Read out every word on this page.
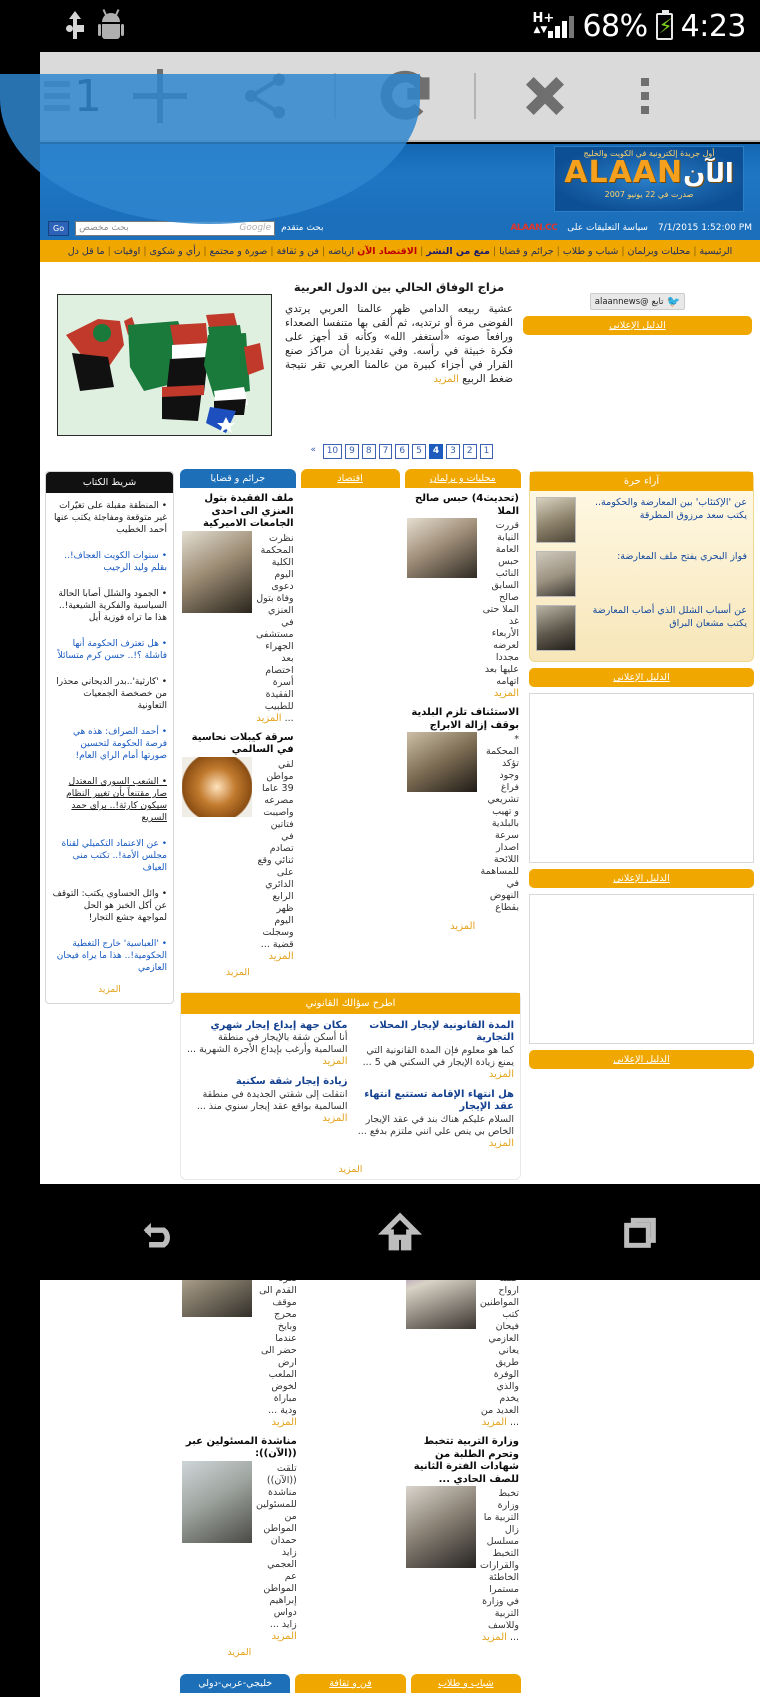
H+
▲▼ 68% ⚡ 4:23
أول جريدة إلكترونية في الكويت والخليج
ALAANالآن
صدرت في 22 يونيو 2007
7/1/2015 1:52:00 PM
سياسة التعليقات على
ALAAN.CC
Go	Google
بحث مخصص	بحث متقدم
الرئيسية
|
محليات وبرلمان
|
شباب و طلاب
|
جرائم و قضايا
|
منع من النشر
|
الاقتصاد الآن
ارياضه
|
فن و ثقافة
|
صورة و مجتمع
|
رأي و شكوى
|
اوفيات
|
ما قل دل
🐦
تابع
@alaannews
الدليل الإعلاني
مزاج الوفاق الحالي بين الدول العربية
عشية ربيعه الدامي ظهر عالمنا العربي يرتدي الفوضى مرة أو ترتديه، ثم ألقى بها متنفسا الصعداء ورافعاً صوته «أستغفر الله» وكأنه قد أجهز على فكرة خبيثة في رأسه. وفي تقديرنا أن مراكز صنع القرار في أجزاء كبيرة من عالمنا العربي تقر نتيجة ضغط الربيع المزيد
«	10	9	8	7	6	5	4	3	2	1
آراء حرة
عن 'الإكتئاب' بين المعارضة والحكومة.. يكتب سعد مرزوق المطرقة
فواز البحري يفتح ملف المعارضة:
عن أسباب الشلل الذي أصاب المعارضة يكتب مشعان البراق
الدليل الإعلاني
الدليل الإعلاني
الدليل الإعلاني
محليات و برلمان
(تحديث4) حبس صالح الملا
قررت النيابة العامة حبس النائب السابق صالح الملا حتى غد الأربعاء لعرضه مجددا عليها بعد اتهامه المزيد
الاستئناف تلزم البلدية بوقف إزالة الابراج
* المحكمة تؤكد وجود فراغ تشريعي و تهيب بالبلدية سرعة اصدار اللائحة للمساهمة في النهوض بقطاع
المزيد
اقتصاد
جرائم و قضايا
ملف الفقيدة بتول العنزي الى احدى الجامعات الاميركية
نظرت المحكمة الكلية اليوم دعوى وفاة بتول العنزي في مستشفى الجهراء بعد اختصام أسرة الفقيدة للطبيب ... المزيد
سرقة كيبلات نحاسية في السالمي
لقي مواطن 39 عاما مصرعه واصيبت فتاتين في تصادم ثنائي وقع على الدائري الرابع ظهر اليوم وسجلت قضية ... المزيد
المزيد
اطرح سؤالك القانوني
المدة القانونية لإيجار المحلات التجارية
كما هو معلوم فإن المدة القانونية التي يمنع زيادة الإيجار في السكني هي 5 ... المزيد
هل انتهاء الإقامة تستتبع انتهاء عقد الإيجار
السلام عليكم هناك بند في عقد الإيجار الخاص بي ينص علي انني ملتزم بدفع ... المزيد
مكان جهة إيداع إيجار شهري
أنا أسكن شقة بالإيجار في منطقة السالمية وأرغب بإيداع الأجرة الشهرية ... المزيد
زيادة إيجار شقة سكنية
انتقلت إلى شقتي الجديدة في منطقة السالمية بواقع عقد إيجار سنوي منذ ... المزيد
المزيد
ارواح المواطنين كتب فيحان العازمي يعاني طريق الوفرة والذي يخدم العديد من ... المزيد
وزارة التربية تتخبط وتحرم الطلبة من شهادات الفترة الثانية للصف الحادي ...
تخبط وزارة التربية ما زال مسلسل التخبط والقرارات الخاطئة مستمرا في وزارة التربية وللاسف ... المزيد
القدم الى موقف محرج وبايخ عندما حضر الى ارض الملعب لخوض مباراة ودية ... المزيد
مناشدة المسئولين عبر ((الآن)):
تلقت ((الآن)) مناشدة للمسئولين من المواطن حمدان زايد العجمي عم المواطن إبراهيم دواس زايد ... المزيد
المزيد
شباب و طلاب
فن و ثقافة
خليجي-عربي-دولي
شريط الكتاب
• المنطقة مقبلة على تغيّرات غير متوقعة ومفاجئة يكتب عنها أحمد الخطيب
• سنوات الكويت العجاف!.. بقلم وليد الرجيب
• الجمود والشلل أصابا الحالة السياسية والفكرية الشيعية!.. هذا ما تراه فوزية أيل
• هل تعترف الحكومة أنها فاشلة ؟!.. حسن كرم متسائلاً
• 'كارثية'..بدر الديحاني محذرا من خصخصة الجمعيات التعاونية
• أحمد الصراف: هذه هي فرصة الحكومة لتحسين صورتها أمام الراي العام!
• الشعب السوري المعتدل صار مقتنعاً بأن تغيير النظام سيكون كارثة!.. براي حمد السريع
• عن الاعتماد التكميلي لقناة مجلس الأمة!.. تكتب منى العياف
• وائل الحساوي يكتب: التوقف عن أكل الخبز هو الحل لمواجهة جشع التجار!
• 'العباسية' خارج التغطية الحكومية!.. هذا ما يراه فيحان العازمي
المزيد
